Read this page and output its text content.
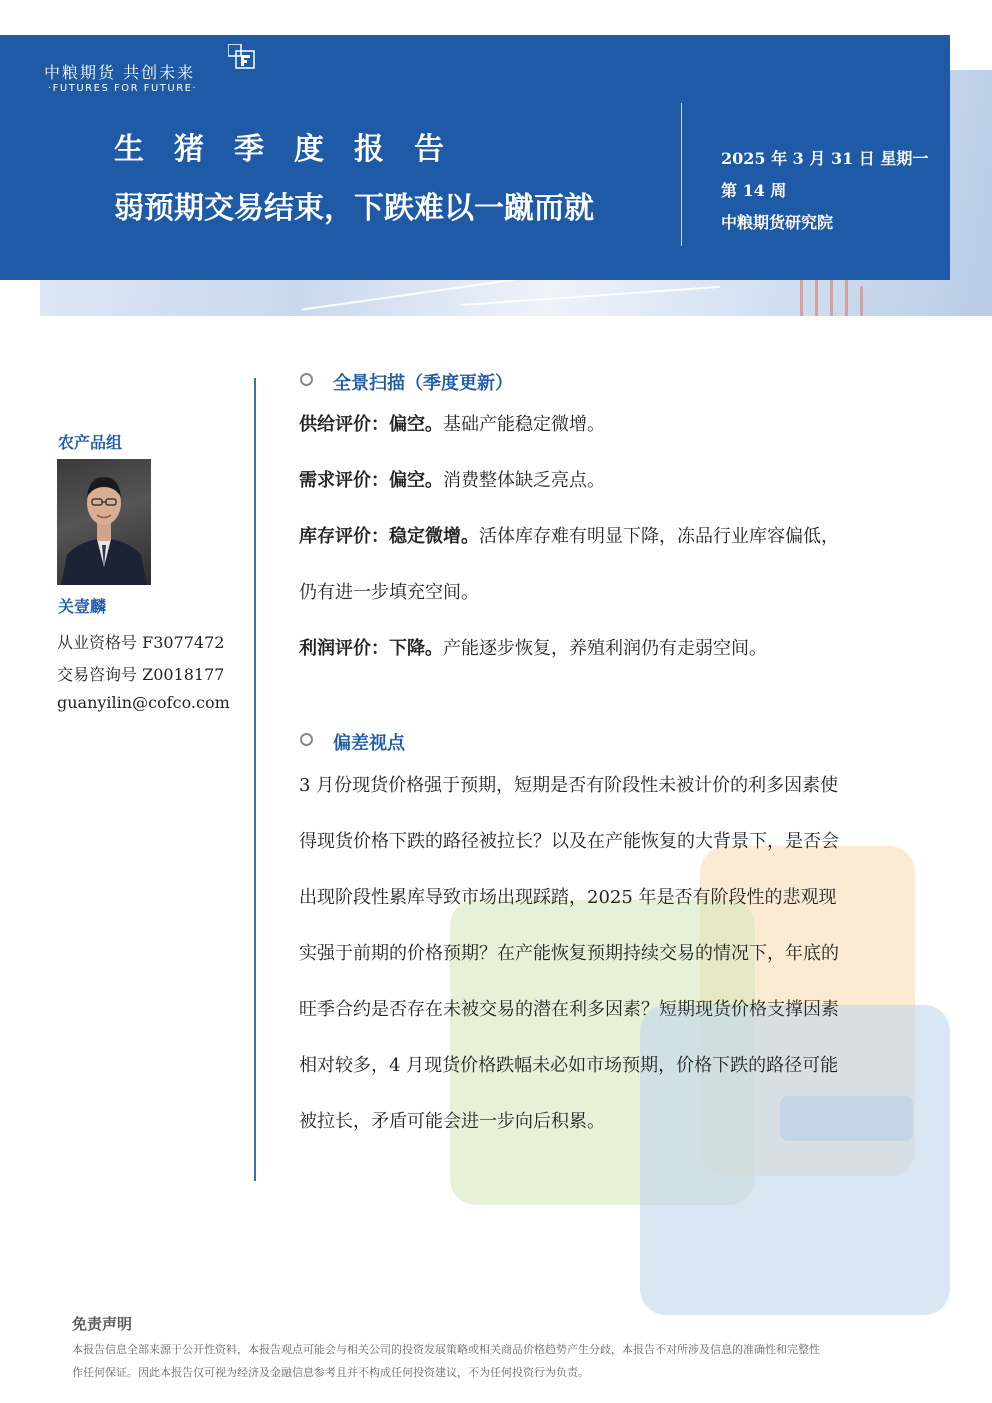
中粮期货 共创未来
·FUTURES FOR FUTURE·
生猪季度报告
弱预期交易结束，下跌难以一蹴而就
2025 年 3 月 31 日 星期一
第 14 周
中粮期货研究院
农产品组
关壹麟
从业资格号 F3077472
交易咨询号 Z0018177
guanyilin@cofco.com
全景扫描（季度更新）
供给评价：偏空。基础产能稳定微增。
需求评价：偏空。消费整体缺乏亮点。
库存评价：稳定微增。活体库存难有明显下降，冻品行业库容偏低，
仍有进一步填充空间。
利润评价：下降。产能逐步恢复，养殖利润仍有走弱空间。
偏差视点
3 月份现货价格强于预期，短期是否有阶段性未被计价的利多因素使
得现货价格下跌的路径被拉长？以及在产能恢复的大背景下，是否会
出现阶段性累库导致市场出现踩踏，2025 年是否有阶段性的悲观现
实强于前期的价格预期？在产能恢复预期持续交易的情况下，年底的
旺季合约是否存在未被交易的潜在利多因素？短期现货价格支撑因素
相对较多，4 月现货价格跌幅未必如市场预期，价格下跌的路径可能
被拉长，矛盾可能会进一步向后积累。
免责声明
本报告信息全部来源于公开性资料，本报告观点可能会与相关公司的投资发展策略或相关商品价格趋势产生分歧，本报告不对所涉及信息的准确性和完整性
作任何保证。因此本报告仅可视为经济及金融信息参考且并不构成任何投资建议，不为任何投资行为负责。
